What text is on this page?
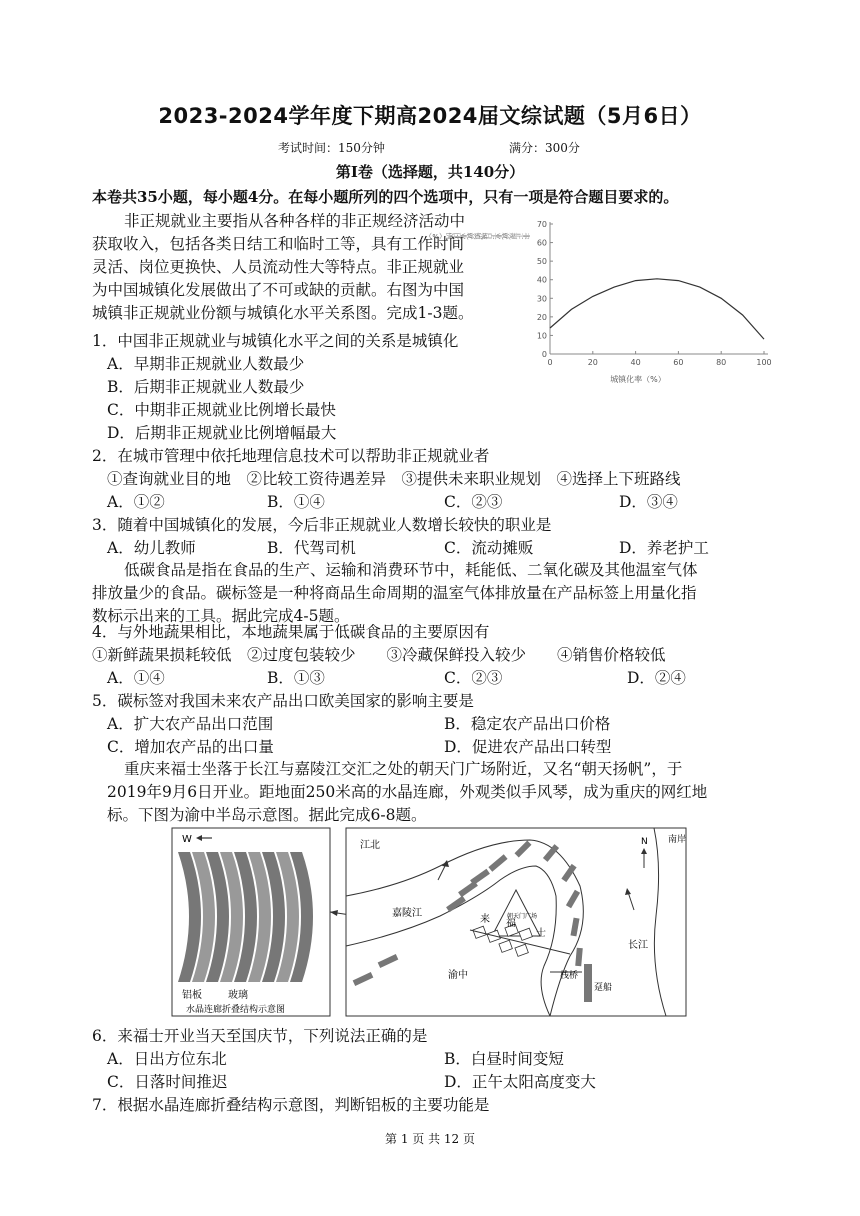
2023-2024学年度下期高2024届文综试题（5月6日）
考试时间：150分钟	满分：300分
第Ⅰ卷（选择题，共140分）
本卷共35小题，每小题4分。在每小题所列的四个选项中，只有一项是符合题目要求的。
非正规就业主要指从各种各样的非正规经济活动中
获取收入，包括各类日结工和临时工等，具有工作时间
灵活、岗位更换快、人员流动性大等特点。非正规就业
为中国城镇化发展做出了不可或缺的贡献。右图为中国
城镇非正规就业份额与城镇化水平关系图。完成1-3题。
非正规就业占城镇就业比例（%）
0
10
20
30
40
50
60
70
0	20	40	60	80	100
城镇化率（%）
1．中国非正规就业与城镇化水平之间的关系是城镇化
A．早期非正规就业人数最少
B．后期非正规就业人数最少
C．中期非正规就业比例增长最快
D．后期非正规就业比例增幅最大
2．在城市管理中依托地理信息技术可以帮助非正规就业者
①查询就业目的地　②比较工资待遇差异　③提供未来职业规划　④选择上下班路线
A．①②	B．①④	C．②③	D．③④
3．随着中国城镇化的发展，今后非正规就业人数增长较快的职业是
A．幼儿教师	B．代驾司机	C．流动摊贩	D．养老护工
低碳食品是指在食品的生产、运输和消费环节中，耗能低、二氧化碳及其他温室气体
排放量少的食品。碳标签是一种将商品生命周期的温室气体排放量在产品标签上用量化指
数标示出来的工具。据此完成4-5题。
4．与外地蔬果相比，本地蔬果属于低碳食品的主要原因有
①新鲜蔬果损耗较低　②过度包装较少　　③冷藏保鲜投入较少　　④销售价格较低
A．①④	B．①③	C．②③	D．②④
5．碳标签对我国未来农产品出口欧美国家的影响主要是
A．扩大农产品出口范围	B．稳定农产品出口价格
C．增加农产品的出口量	D．促进农产品出口转型
重庆来福士坐落于长江与嘉陵江交汇之处的朝天门广场附近，又名“朝天扬帆”，于
2019年9月6日开业。距地面250米高的水晶连廊，外观类似手风琴，成为重庆的网红地
标。下图为渝中半岛示意图。据此完成6-8题。
W
铝板	玻璃
水晶连廊折叠结构示意图
朝天门广场
来 福
士
江北
嘉陵江
渝中
长江
栈桥
趸船
南岸
N
6．来福士开业当天至国庆节，下列说法正确的是
A．日出方位东北	B．白昼时间变短
C．日落时间推迟	D．正午太阳高度变大
7．根据水晶连廊折叠结构示意图，判断铝板的主要功能是
第 1 页 共 12 页
